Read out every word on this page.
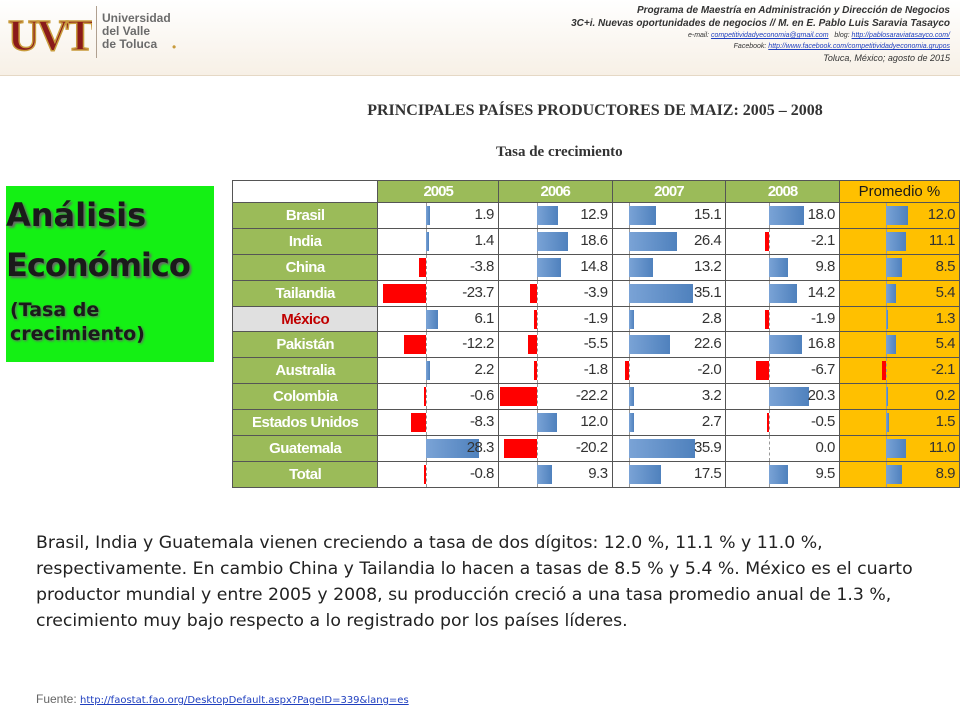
UVT Universidad
del Valle
de Toluca	•
Programa de Maestría en Administración y Dirección de Negocios
3C+i. Nuevas oportunidades de negocios // M. en E. Pablo Luis Saravia Tasayco
e-mail: competitividadyeconomia@gmail.com blog: http://pablosaraviatasayco.com/
Facebook: http://www.facebook.com/competitividadyeconomia.grupos
Toluca, México; agosto de 2015
PRINCIPALES PAÍSES PRODUCTORES DE MAIZ: 2005 – 2008
Tasa de crecimiento
Análisis
Económico
(Tasa de crecimiento)
	2005	2006	2007	2008	Promedio %
Brasil	1.9	12.9	15.1	18.0	12.0

India	1.4	18.6	26.4	-2.1	11.1

China	-3.8	14.8	13.2	9.8	8.5

Tailandia	-23.7	-3.9	35.1	14.2	5.4

México	6.1	-1.9	2.8	-1.9	1.3

Pakistán	-12.2	-5.5	22.6	16.8	5.4

Australia	2.2	-1.8	-2.0	-6.7	-2.1

Colombia	-0.6	-22.2	3.2	20.3	0.2

Estados Unidos	-8.3	12.0	2.7	-0.5	1.5

Guatemala	28.3	-20.2	35.9	0.0	11.0

Total	-0.8	9.3	17.5	9.5	8.9
Brasil, India y Guatemala vienen creciendo a tasa de dos dígitos: 12.0 %, 11.1 % y 11.0 %, respectivamente. En cambio China y Tailandia lo hacen a tasas de 8.5 % y 5.4 %. México es el cuarto productor mundial y entre 2005 y 2008, su producción creció a una tasa promedio anual de 1.3 %, crecimiento muy bajo respecto a lo registrado por los países líderes.
Fuente: http://faostat.fao.org/DesktopDefault.aspx?PageID=339&lang=es
